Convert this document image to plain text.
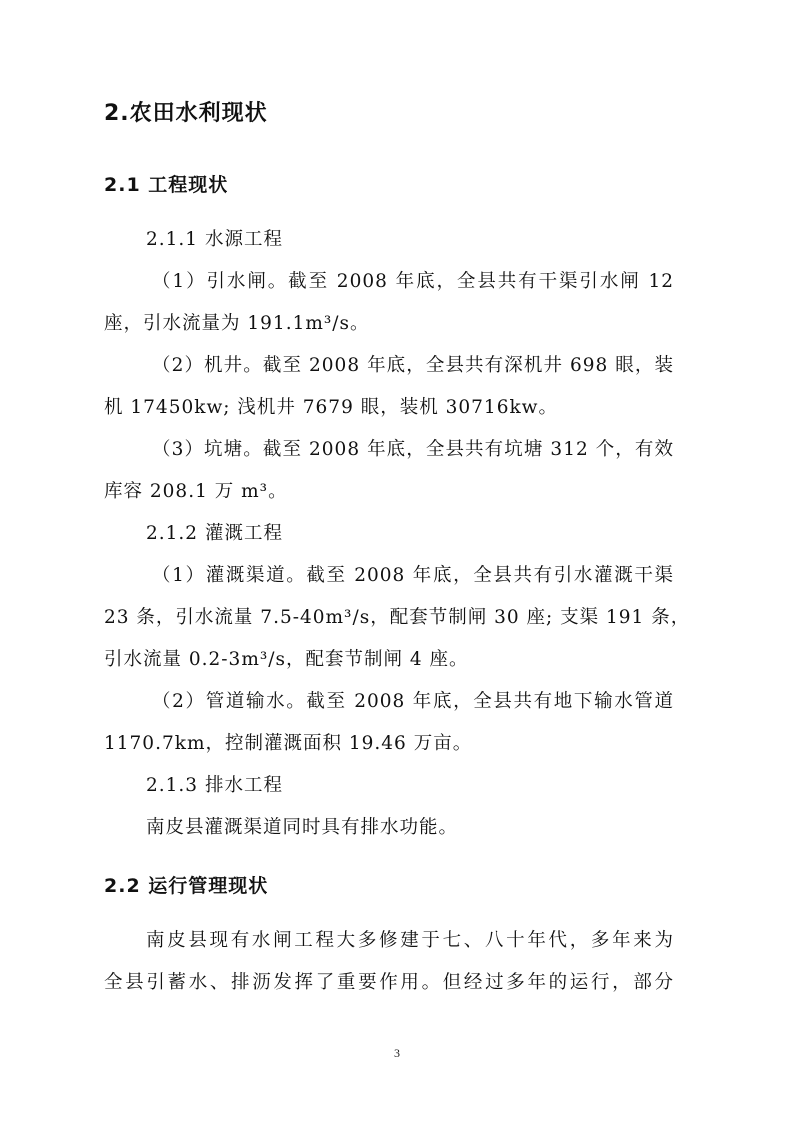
2.农田水利现状
2.1 工程现状
2.1.1 水源工程
（1）引水闸。截至 2008 年底，全县共有干渠引水闸 12
座，引水流量为 191.1m³/s。
（2）机井。截至 2008 年底，全县共有深机井 698 眼，装
机 17450kw; 浅机井 7679 眼，装机 30716kw。
（3）坑塘。截至 2008 年底，全县共有坑塘 312 个，有效
库容 208.1 万 m³。
2.1.2 灌溉工程
（1）灌溉渠道。截至 2008 年底，全县共有引水灌溉干渠
23 条，引水流量 7.5-40m³/s，配套节制闸 30 座; 支渠 191 条，
引水流量 0.2-3m³/s，配套节制闸 4 座。
（2）管道输水。截至 2008 年底，全县共有地下输水管道
1170.7km，控制灌溉面积 19.46 万亩。
2.1.3 排水工程
南皮县灌溉渠道同时具有排水功能。
2.2 运行管理现状
南皮县现有水闸工程大多修建于七、八十年代，多年来为
全县引蓄水、排沥发挥了重要作用。但经过多年的运行，部分
3
